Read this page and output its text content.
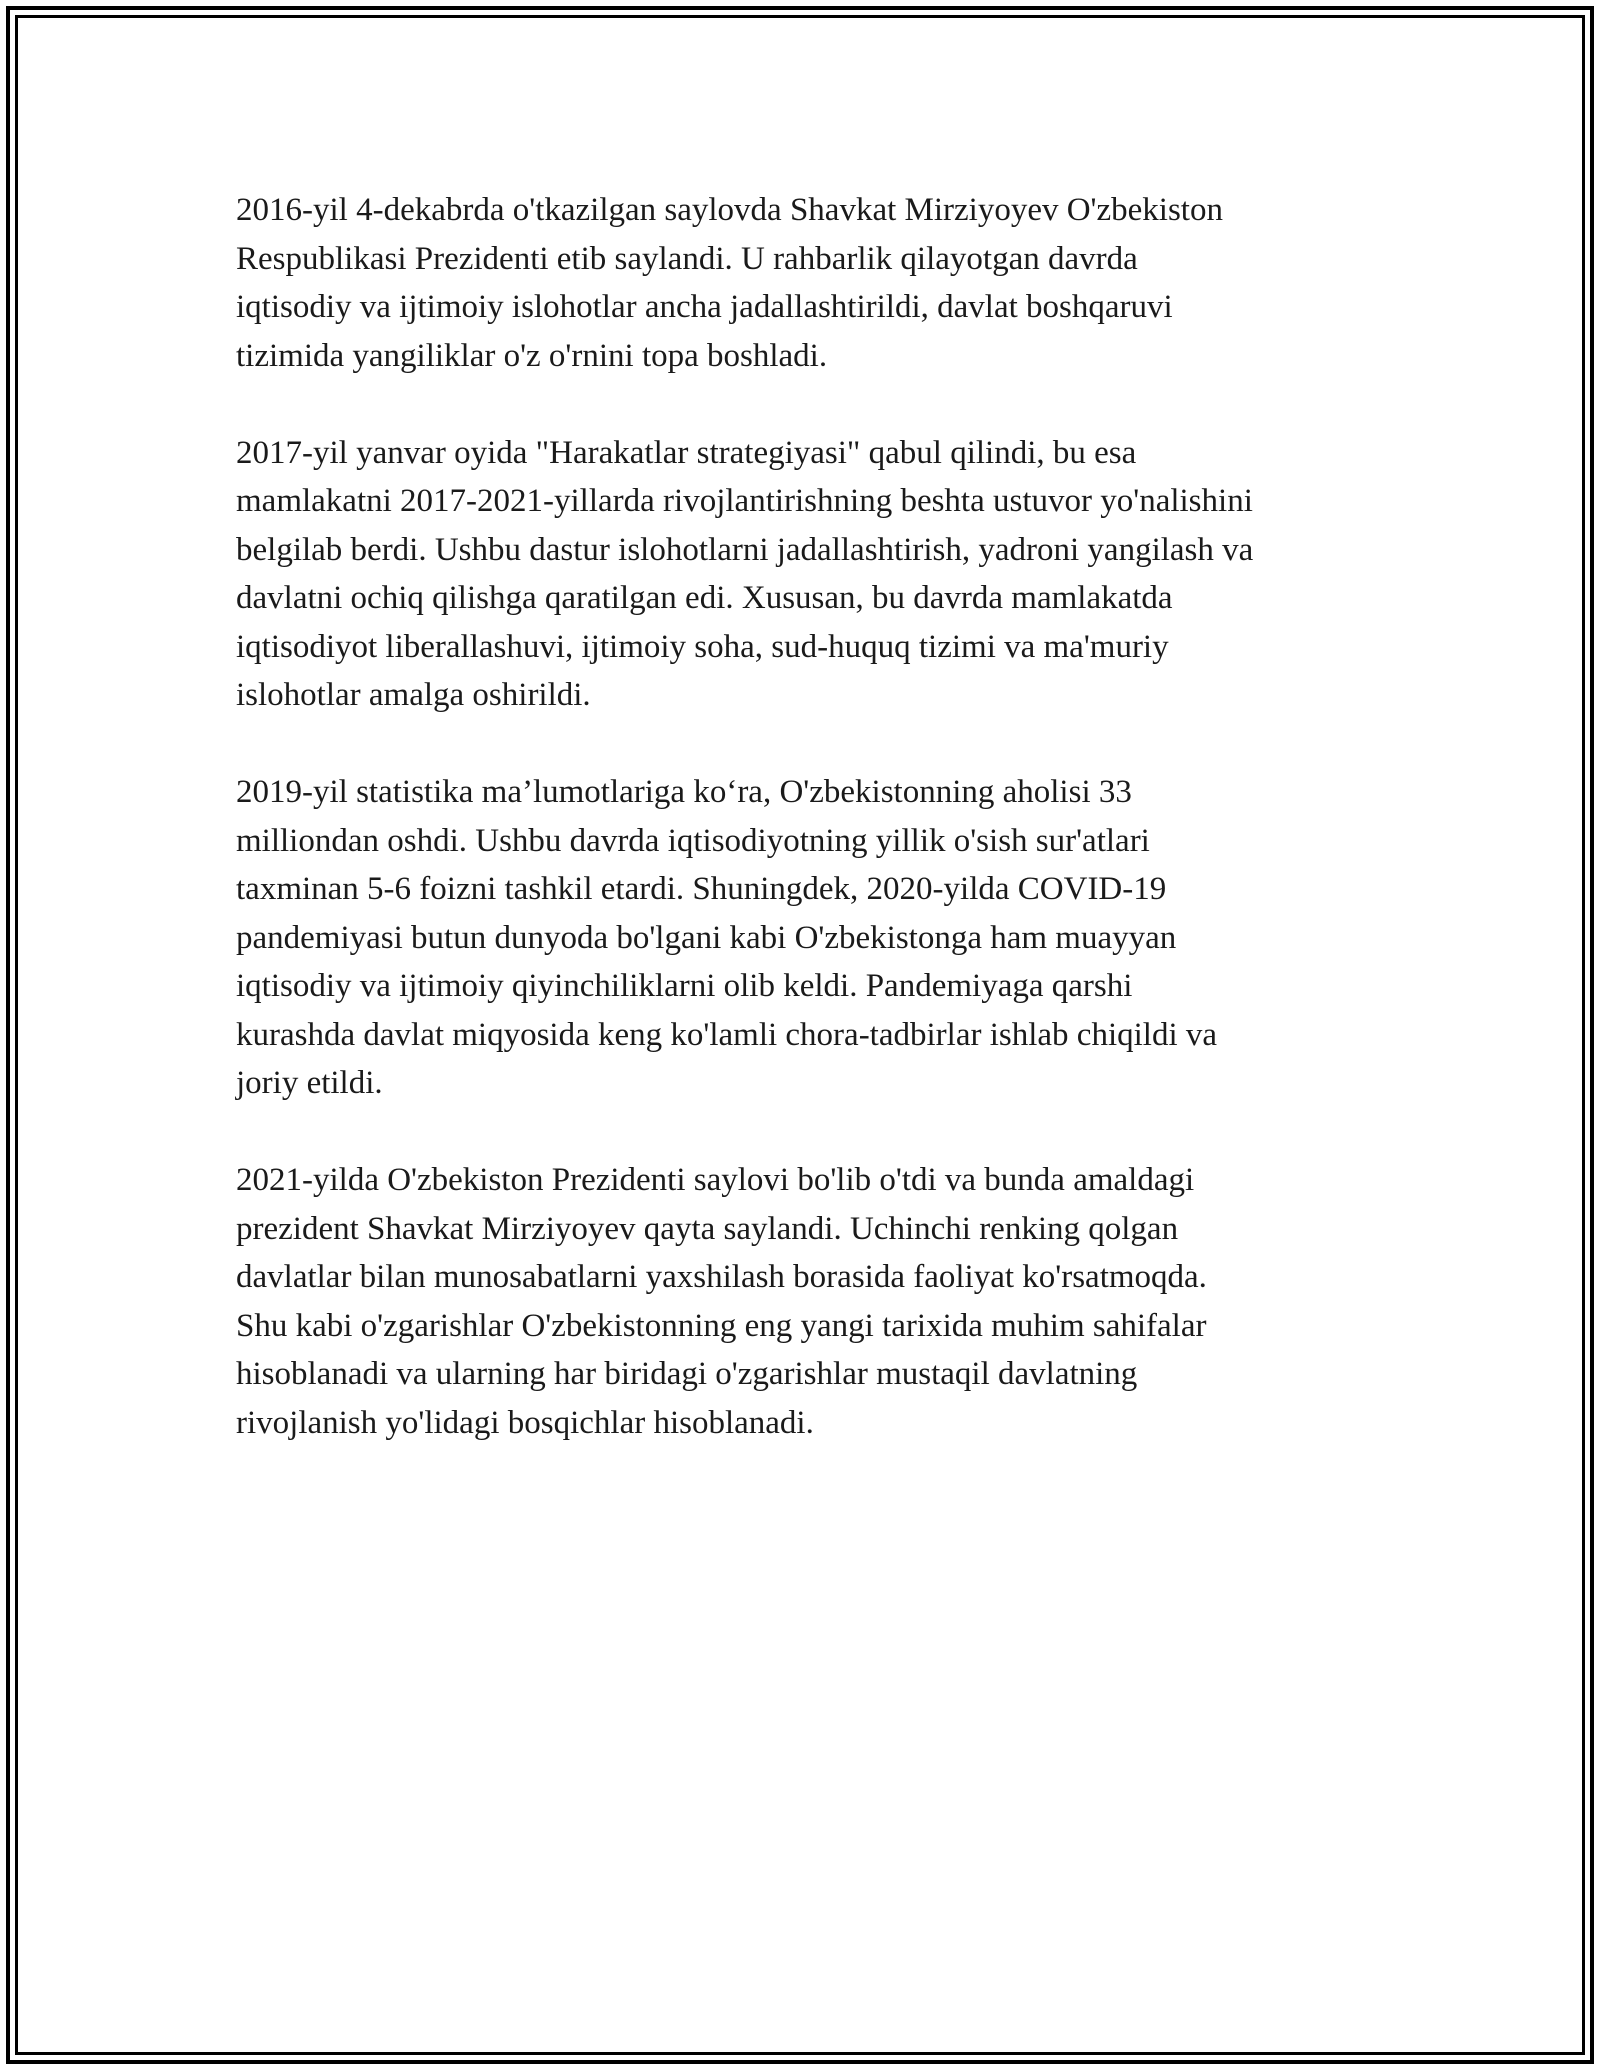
2016-yil 4-dekabrda o'tkazilgan saylovda Shavkat Mirziyoyev O'zbekiston
Respublikasi Prezidenti etib saylandi. U rahbarlik qilayotgan davrda
iqtisodiy va ijtimoiy islohotlar ancha jadallashtirildi, davlat boshqaruvi
tizimida yangiliklar o'z o'rnini topa boshladi.

2017-yil yanvar oyida "Harakatlar strategiyasi" qabul qilindi, bu esa
mamlakatni 2017-2021-yillarda rivojlantirishning beshta ustuvor yo'nalishini
belgilab berdi. Ushbu dastur islohotlarni jadallashtirish, yadroni yangilash va
davlatni ochiq qilishga qaratilgan edi. Xususan, bu davrda mamlakatda
iqtisodiyot liberallashuvi, ijtimoiy soha, sud-huquq tizimi va ma'muriy
islohotlar amalga oshirildi.

2019-yil statistika ma’lumotlariga ko‘ra, O'zbekistonning aholisi 33
milliondan oshdi. Ushbu davrda iqtisodiyotning yillik o'sish sur'atlari
taxminan 5-6 foizni tashkil etardi. Shuningdek, 2020-yilda COVID-19
pandemiyasi butun dunyoda bo'lgani kabi O'zbekistonga ham muayyan
iqtisodiy va ijtimoiy qiyinchiliklarni olib keldi. Pandemiyaga qarshi
kurashda davlat miqyosida keng ko'lamli chora-tadbirlar ishlab chiqildi va
joriy etildi.

2021-yilda O'zbekiston Prezidenti saylovi bo'lib o'tdi va bunda amaldagi
prezident Shavkat Mirziyoyev qayta saylandi. Uchinchi renking qolgan
davlatlar bilan munosabatlarni yaxshilash borasida faoliyat ko'rsatmoqda.
Shu kabi o'zgarishlar O'zbekistonning eng yangi tarixida muhim sahifalar
hisoblanadi va ularning har biridagi o'zgarishlar mustaqil davlatning
rivojlanish yo'lidagi bosqichlar hisoblanadi.
